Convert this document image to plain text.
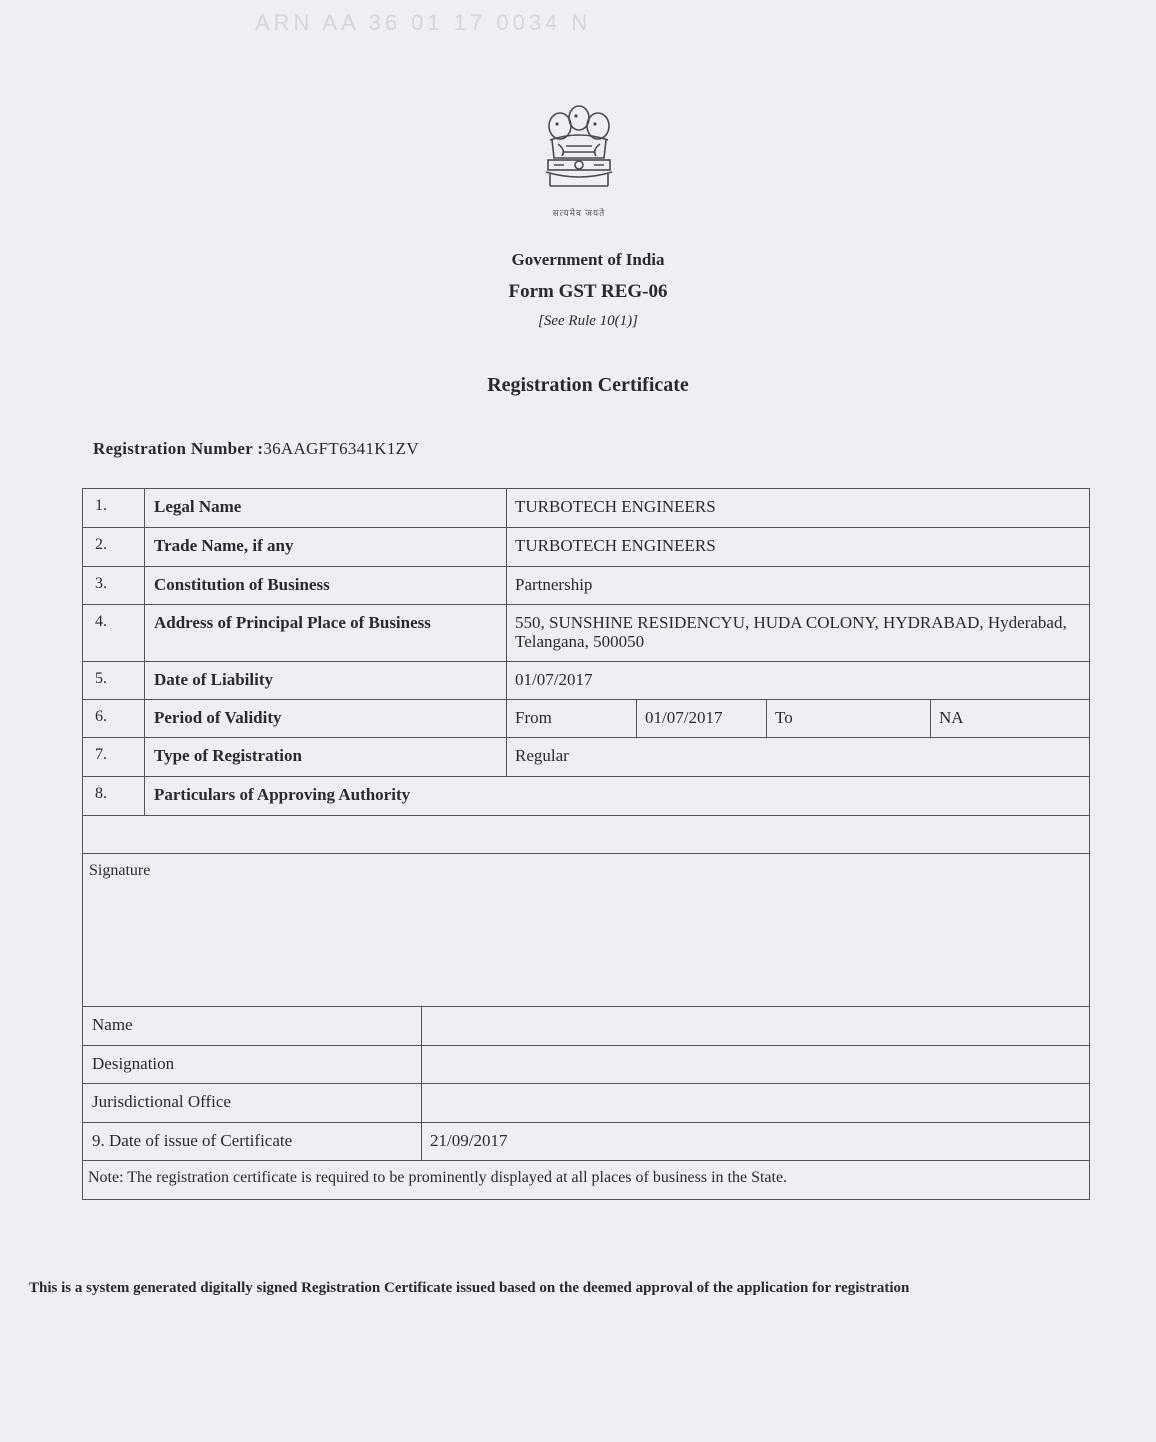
ARN AA 36 01 17 0034 N
सत्यमेव जयते
Government of India
Form GST REG-06
[See Rule 10(1)]
Registration Certificate
Registration Number :36AAGFT6341K1ZV
1.	Legal Name	TURBOTECH ENGINEERS
2.	Trade Name, if any	TURBOTECH ENGINEERS
3.	Constitution of Business	Partnership
4.	Address of Principal Place of Business	550, SUNSHINE RESIDENCYU, HUDA COLONY, HYDRABAD, Hyderabad, Telangana, 500050
5.	Date of Liability	01/07/2017
6.	Period of Validity	From	01/07/2017	To	NA
7.	Type of Registration	Regular
8.	Particulars of Approving Authority
Signature
Name
Designation
Jurisdictional Office
9. Date of issue of Certificate	21/09/2017
Note: The registration certificate is required to be prominently displayed at all places of business in the State.
This is a system generated digitally signed Registration Certificate issued based on the deemed approval of the application for registration
